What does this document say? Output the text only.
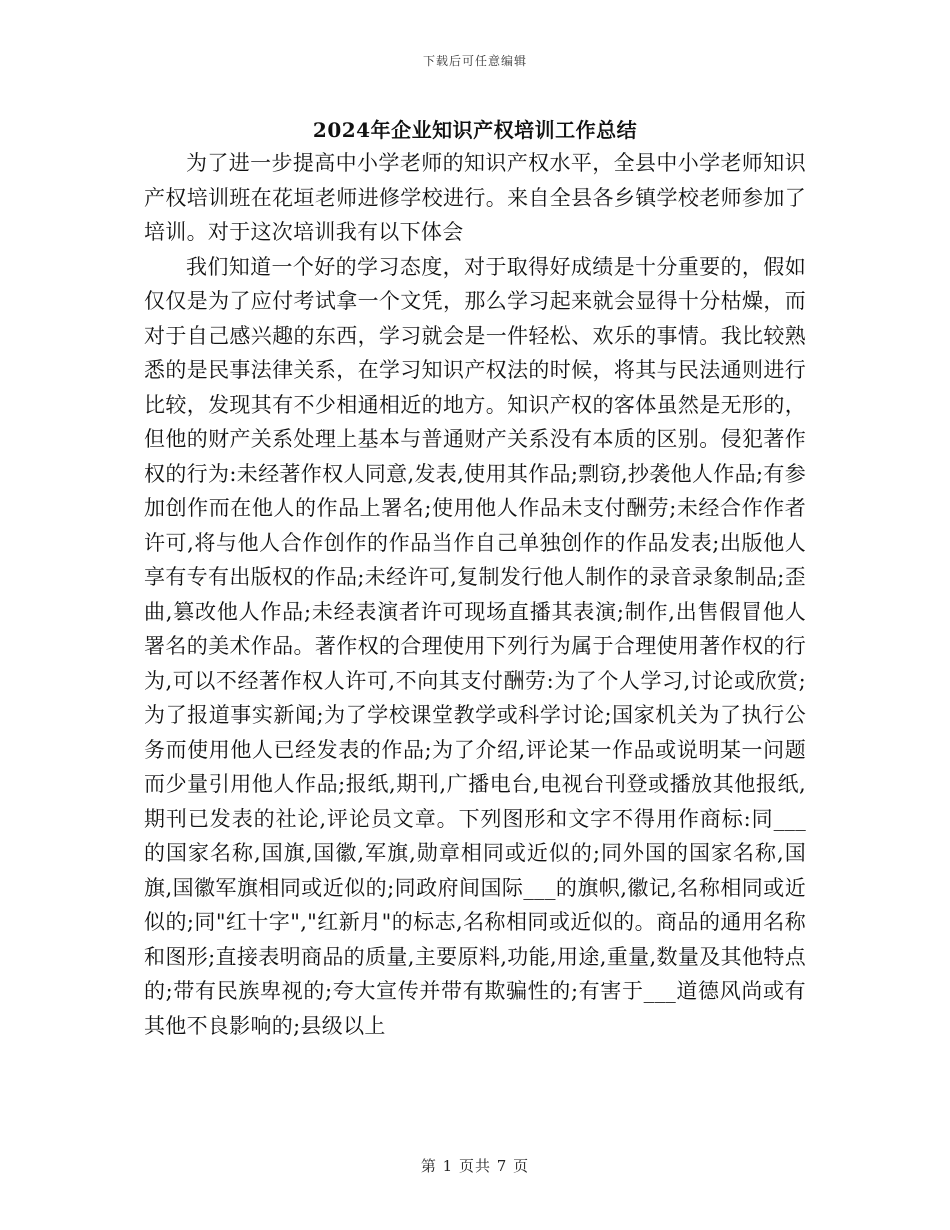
下载后可任意编辑
2024年企业知识产权培训工作总结

为了进一步提高中小学老师的知识产权水平，全县中小学老师知识产权培训班在花垣老师进修学校进行。来自全县各乡镇学校老师参加了培训。对于这次培训我有以下体会

我们知道一个好的学习态度，对于取得好成绩是十分重要的，假如仅仅是为了应付考试拿一个文凭，那么学习起来就会显得十分枯燥，而对于自己感兴趣的东西，学习就会是一件轻松、欢乐的事情。我比较熟悉的是民事法律关系，在学习知识产权法的时候，将其与民法通则进行比较，发现其有不少相通相近的地方。知识产权的客体虽然是无形的，但他的财产关系处理上基本与普通财产关系没有本质的区别。侵犯著作权的行为:未经著作权人同意,发表,使用其作品;剽窃,抄袭他人作品;有参加创作而在他人的作品上署名;使用他人作品未支付酬劳;未经合作作者许可,将与他人合作创作的作品当作自己单独创作的作品发表;出版他人享有专有出版权的作品;未经许可,复制发行他人制作的录音录象制品;歪曲,篡改他人作品;未经表演者许可现场直播其表演;制作,出售假冒他人署名的美术作品。著作权的合理使用下列行为属于合理使用著作权的行为,可以不经著作权人许可,不向其支付酬劳:为了个人学习,讨论或欣赏;为了报道事实新闻;为了学校课堂教学或科学讨论;国家机关为了执行公务而使用他人已经发表的作品;为了介绍,评论某一作品或说明某一问题而少量引用他人作品;报纸,期刊,广播电台,电视台刊登或播放其他报纸,期刊已发表的社论,评论员文章。下列图形和文字不得用作商标:同___的国家名称,国旗,国徽,军旗,勋章相同或近似的;同外国的国家名称,国旗,国徽军旗相同或近似的;同政府间国际___的旗帜,徽记,名称相同或近似的;同"红十字","红新月"的标志,名称相同或近似的。商品的通用名称和图形;直接表明商品的质量,主要原料,功能,用途,重量,数量及其他特点的;带有民族卑视的;夸大宣传并带有欺骗性的;有害于___道德风尚或有其他不良影响的;县级以上

第 1 页共 7 页
